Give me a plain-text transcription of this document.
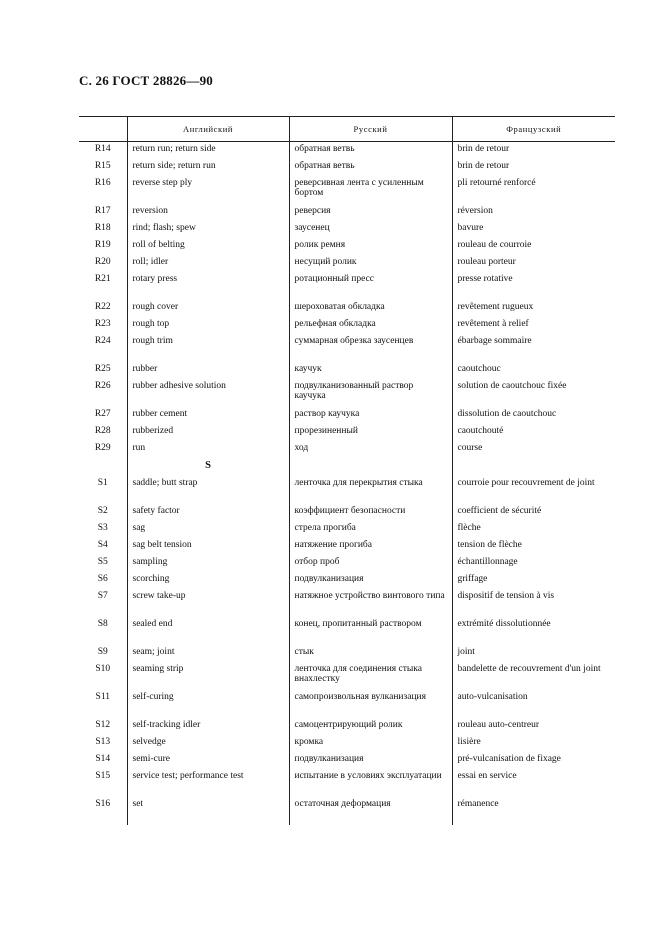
С. 26 ГОСТ 28826—90
	Английский	Русский	Французский
R14	return run; return side	обратная ветвь	brin de retour
R15	return side; return run	обратная ветвь	brin de retour
R16	reverse step ply	реверсивная лента с усиленным бортом	pli retourné renforcé
R17	reversion	реверсия	réversion
R18	rind; flash; spew	заусенец	bavure
R19	roll of belting	ролик ремня	rouleau de courroie
R20	roll; idler	несущий ролик	rouleau porteur
R21	rotary press	ротационный пресс	presse rotative
R22	rough cover	шероховатая обкладка	revêtement rugueux
R23	rough top	рельефная обкладка	revêtement à relief
R24	rough trim	суммарная обрезка заусенцев	ébarbage sommaire
R25	rubber	каучук	caoutchouc
R26	rubber adhesive solution	подвулканизованный раствор каучука	solution de caoutchouc fixée
R27	rubber cement	раствор каучука	dissolution de caoutchouc
R28	rubberized	прорезиненный	caoutchouté
R29	run	ход	course
	S		
S1	saddle; butt strap	ленточка для перекрытия стыка	courroie pour recouvrement de joint
S2	safety factor	коэффициент безопасности	coefficient de sécurité
S3	sag	стрела прогиба	flèche
S4	sag belt tension	натяжение прогиба	tension de flèche
S5	sampling	отбор проб	échantillonnage
S6	scorching	подвулканизация	griffage
S7	screw take-up	натяжное устройство винтового типа	dispositif de tension à vis
S8	sealed end	конец, пропитанный раствором	extrémité dissolutionnée
S9	seam; joint	стык	joint
S10	seaming strip	ленточка для соединения стыка внахлестку	bandelette de recouvrement d'un joint
S11	self-curing	самопроизвольная вулканизация	auto-vulcanisation
S12	self-tracking idler	самоцентрирующий ролик	rouleau auto-centreur
S13	selvedge	кромка	lisière
S14	semi-cure	подвулканизация	pré-vulcanisation de fixage
S15	service test; performance test	испытание в условиях эксплуатации	essai en service
S16	set	остаточная деформация	rémanence
